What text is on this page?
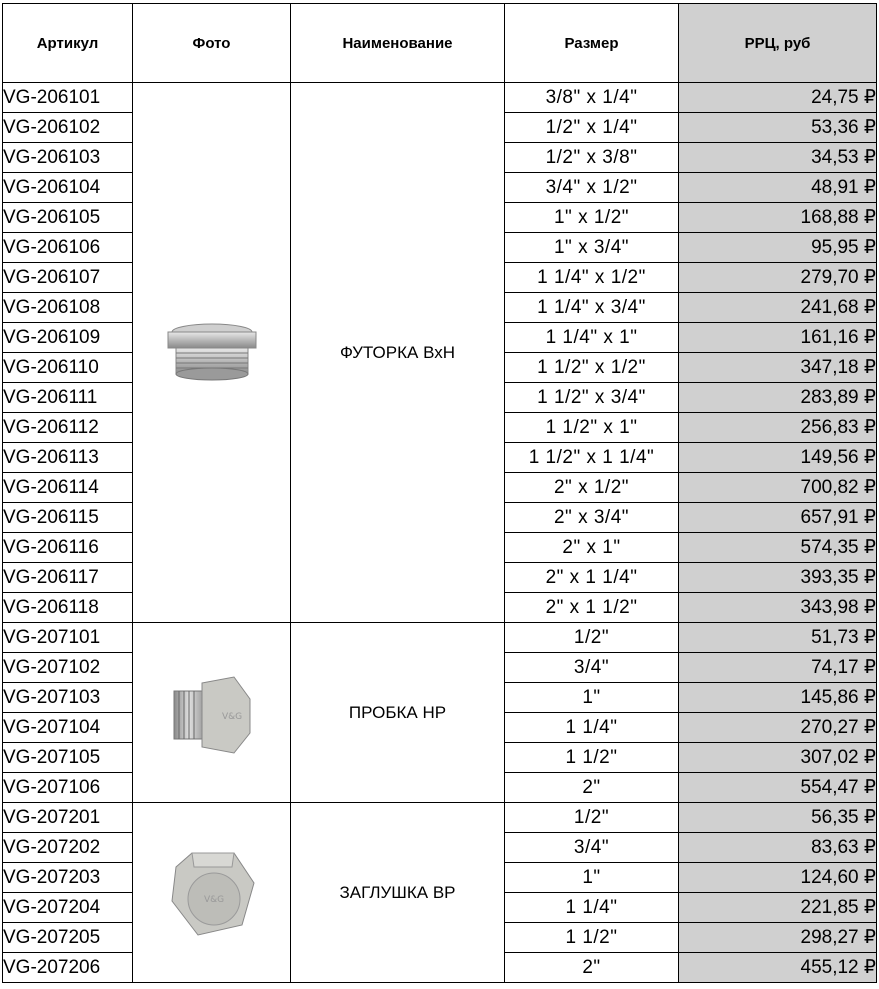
Артикул	Фото	Наименование	Размер	РРЦ, руб
VG-206101		ФУТОРКА ВхН	3/8" x 1/4"	24,75 ₽
VG-206102			1/2" x 1/4"	53,36 ₽
VG-206103			1/2" x 3/8"	34,53 ₽
VG-206104			3/4" x 1/2"	48,91 ₽
VG-206105			1" x 1/2"	168,88 ₽
VG-206106			1" x 3/4"	95,95 ₽
VG-206107			1 1/4" x 1/2"	279,70 ₽
VG-206108			1 1/4" x 3/4"	241,68 ₽
VG-206109			1 1/4" x 1"	161,16 ₽
VG-206110			1 1/2" x 1/2"	347,18 ₽
VG-206111			1 1/2" x 3/4"	283,89 ₽
VG-206112			1 1/2" x 1"	256,83 ₽
VG-206113			1 1/2" x 1 1/4"	149,56 ₽
VG-206114			2" x 1/2"	700,82 ₽
VG-206115			2" x 3/4"	657,91 ₽
VG-206116			2" x 1"	574,35 ₽
VG-206117			2" x 1 1/4"	393,35 ₽
VG-206118			2" x 1 1/2"	343,98 ₽
VG-207101	V&G	ПРОБКА НР	1/2"	51,73 ₽
VG-207102			3/4"	74,17 ₽
VG-207103			1"	145,86 ₽
VG-207104			1 1/4"	270,27 ₽
VG-207105			1 1/2"	307,02 ₽
VG-207106			2"	554,47 ₽
VG-207201	V&G	ЗАГЛУШКА ВР	1/2"	56,35 ₽
VG-207202			3/4"	83,63 ₽
VG-207203			1"	124,60 ₽
VG-207204			1 1/4"	221,85 ₽
VG-207205			1 1/2"	298,27 ₽
VG-207206			2"	455,12 ₽
